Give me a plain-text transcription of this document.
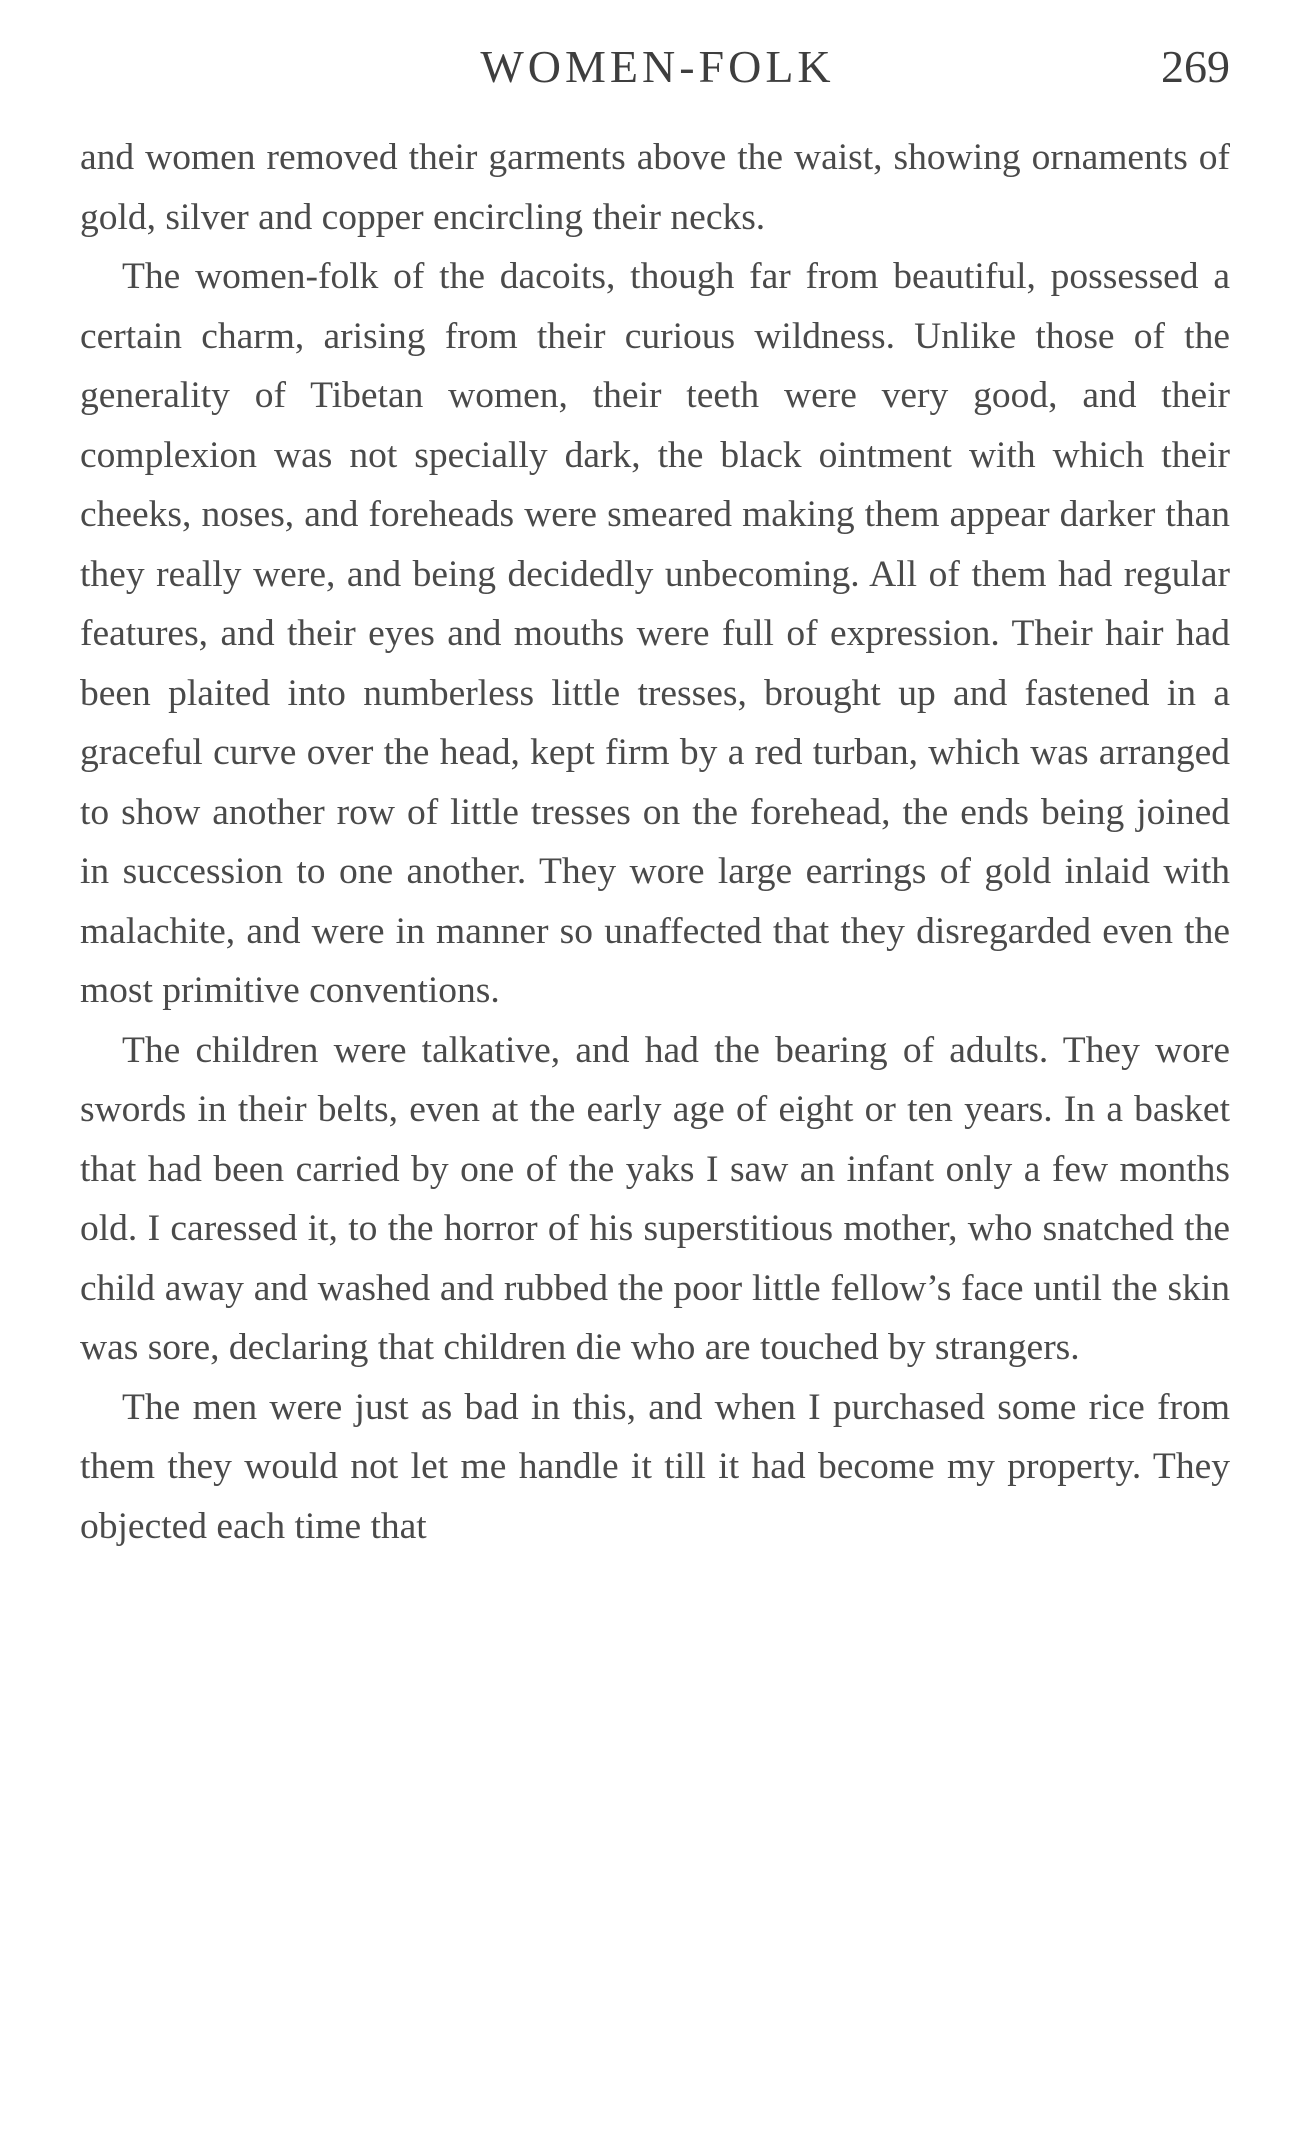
WOMEN-FOLK	269

and women removed their garments above the waist, showing ornaments of gold, silver and copper encircling their necks.

The women-folk of the dacoits, though far from beautiful, possessed a certain charm, arising from their curious wildness. Unlike those of the generality of Tibetan women, their teeth were very good, and their complexion was not specially dark, the black ointment with which their cheeks, noses, and foreheads were smeared making them appear darker than they really were, and being decidedly unbecoming. All of them had regular features, and their eyes and mouths were full of expression. Their hair had been plaited into numberless little tresses, brought up and fastened in a graceful curve over the head, kept firm by a red turban, which was arranged to show another row of little tresses on the forehead, the ends being joined in succession to one another. They wore large earrings of gold inlaid with malachite, and were in manner so unaffected that they disregarded even the most primitive conventions.

The children were talkative, and had the bearing of adults. They wore swords in their belts, even at the early age of eight or ten years. In a basket that had been carried by one of the yaks I saw an infant only a few months old. I caressed it, to the horror of his superstitious mother, who snatched the child away and washed and rubbed the poor little fellow’s face until the skin was sore, declaring that children die who are touched by strangers.

The men were just as bad in this, and when I purchased some rice from them they would not let me handle it till it had become my property. They objected each time that
